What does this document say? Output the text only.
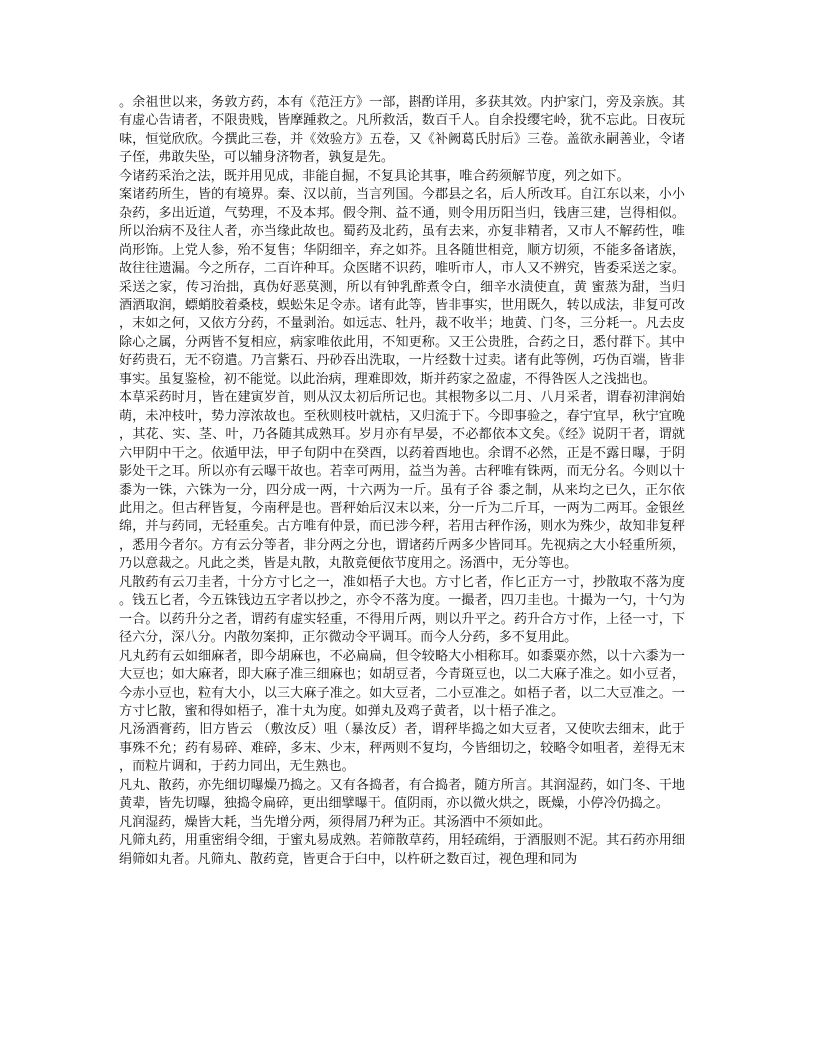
。余祖世以来，务敦方药，本有《范汪方》一部，斟酌详用，多获其效。内护家门，旁及亲族。其有虚心告请者，不限贵贱，皆摩踵救之。凡所救活，数百千人。自余投缨宅岭，犹不忘此。日夜玩味，恒觉欣欣。今撰此三卷，并《效验方》五卷，又《补阙葛氏肘后》三卷。盖欲永嗣善业，令诸子侄，弗敢失坠，可以辅身济物者，孰复是先。

今诸药采治之法，既并用见成，非能自掘，不复具论其事，唯合药须解节度，列之如下。

案诸药所生，皆的有境界。秦、汉以前，当言列国。今郡县之名，后人所改耳。自江东以来，小小杂药，多出近道，气势理，不及本邦。假令荆、益不通，则令用历阳当归，钱唐三建，岂得相似。所以治病不及往人者，亦当缘此故也。蜀药及北药，虽有去来，亦复非精者，又市人不解药性，唯尚形饰。上党人参，殆不复售；华阴细辛，弃之如芥。且各随世相竞，顺方切须，不能多备诸族，故往往遗漏。今之所存，二百许种耳。众医睹不识药，唯听市人，市人又不辨究，皆委采送之家。采送之家，传习治拙，真伪好恶莫测，所以有钟乳酢煮令白，细辛水渍使直，黄 蜜蒸为甜，当归酒洒取润，螵蛸胶着桑枝，蜈蚣朱足令赤。诸有此等，皆非事实，世用既久，转以成法，非复可改，末如之何，又依方分药，不量剥治。如远志、牡丹，裁不收半；地黄、门冬，三分耗一。凡去皮除心之属，分两皆不复相应，病家唯依此用，不知更称。又王公贵胜，合药之日，悉付群下。其中好药贵石，无不窃遣。乃言紫石、丹砂吞出洗取，一片经数十过卖。诸有此等例，巧伪百端，皆非事实。虽复鉴检，初不能觉。以此治病，理难即效，斯并药家之盈虚，不得咎医人之浅拙也。

本草采药时月，皆在建寅岁首，则从汉太初后所记也。其根物多以二月、八月采者，谓春初津润始萌，未冲枝叶，势力淳浓故也。至秋则枝叶就枯，又归流于下。今即事验之，春宁宜早，秋宁宜晚，其花、实、茎、叶，乃各随其成熟耳。岁月亦有早晏，不必都依本文矣。《经》说阴干者，谓就六甲阴中干之。依遁甲法，甲子旬阴中在癸酉，以药着酉地也。余谓不必然，正是不露日曝，于阴影处干之耳。所以亦有云曝干故也。若幸可两用，益当为善。古秤唯有铢两，而无分名。今则以十黍为一铢，六铢为一分，四分成一两，十六两为一斤。虽有子谷 黍之制，从来均之已久，正尔依此用之。但古秤皆复，今南秤是也。晋秤始后汉末以来，分一斤为二斤耳，一两为二两耳。金银丝绵，并与药同，无轻重矣。古方唯有仲景，而已涉今秤，若用古秤作汤，则水为殊少，故知非复秤，悉用今者尔。方有云分等者，非分两之分也，谓诸药斤两多少皆同耳。先视病之大小轻重所须，乃以意裁之。凡此之类，皆是丸散，丸散竟便依节度用之。汤酒中，无分等也。

凡散药有云刀圭者，十分方寸匕之一，准如梧子大也。方寸匕者，作匕正方一寸，抄散取不落为度。钱五匕者，今五铢钱边五字者以抄之，亦令不落为度。一撮者，四刀圭也。十撮为一勺，十勺为一合。以药升分之者，谓药有虚实轻重，不得用斤两，则以升平之。药升合方寸作，上径一寸，下径六分，深八分。内散勿案抑，正尔微动令平调耳。而今人分药，多不复用此。

凡丸药有云如细麻者，即今胡麻也，不必扁扁，但令较略大小相称耳。如黍粟亦然，以十六黍为一大豆也；如大麻者，即大麻子准三细麻也；如胡豆者，今青斑豆也，以二大麻子准之。如小豆者，今赤小豆也，粒有大小，以三大麻子准之。如大豆者，二小豆准之。如梧子者，以二大豆准之。一方寸匕散，蜜和得如梧子，准十丸为度。如弹丸及鸡子黄者，以十梧子准之。

凡汤酒膏药，旧方皆云 （敷汝反）咀（暴汝反）者，谓秤毕捣之如大豆者，又使吹去细末，此于事殊不允；药有易碎、难碎，多末、少末，秤两则不复均，今皆细切之，较略令如咀者，差得无末，而粒片调和，于药力同出，无生熟也。

凡丸、散药，亦先细切曝燥乃捣之。又有各捣者，有合捣者，随方所言。其润湿药，如门冬、干地黄辈，皆先切曝，独捣令扁碎，更出细擘曝干。值阴雨，亦以微火烘之，既燥，小停冷仍捣之。

凡润湿药，燥皆大耗，当先增分两，须得屑乃秤为正。其汤酒中不须如此。

凡筛丸药，用重密绢令细，于蜜丸易成熟。若筛散草药，用轻疏绢，于酒服则不泥。其石药亦用细绢筛如丸者。凡筛丸、散药竟，皆更合于臼中，以杵研之数百过，视色理和同为
